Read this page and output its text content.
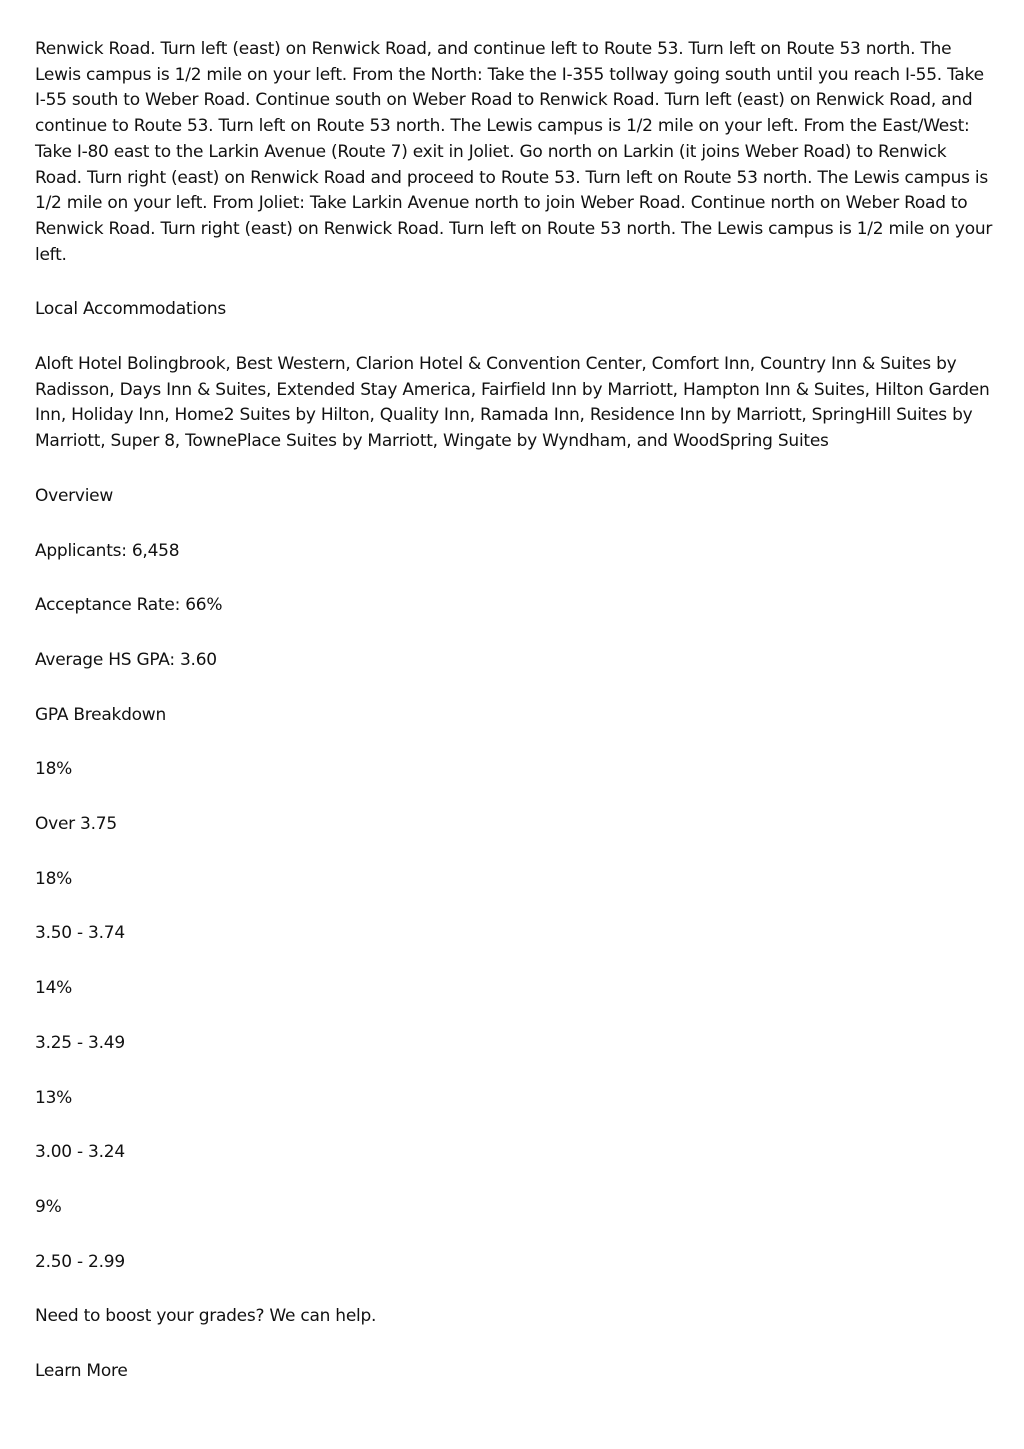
Renwick Road. Turn left (east) on Renwick Road, and continue left to Route 53. Turn left on Route 53 north. The Lewis campus is 1/2 mile on your left. From the North: Take the I-355 tollway going south until you reach I-55. Take I-55 south to Weber Road. Continue south on Weber Road to Renwick Road. Turn left (east) on Renwick Road, and continue to Route 53. Turn left on Route 53 north. The Lewis campus is 1/2 mile on your left. From the East/West: Take I-80 east to the Larkin Avenue (Route 7) exit in Joliet. Go north on Larkin (it joins Weber Road) to Renwick Road. Turn right (east) on Renwick Road and proceed to Route 53. Turn left on Route 53 north. The Lewis campus is 1/2 mile on your left. From Joliet: Take Larkin Avenue north to join Weber Road. Continue north on Weber Road to Renwick Road. Turn right (east) on Renwick Road. Turn left on Route 53 north. The Lewis campus is 1/2 mile on your left.

Local Accommodations

Aloft Hotel Bolingbrook, Best Western, Clarion Hotel & Convention Center, Comfort Inn, Country Inn & Suites by Radisson, Days Inn & Suites, Extended Stay America, Fairfield Inn by Marriott, Hampton Inn & Suites, Hilton Garden Inn, Holiday Inn, Home2 Suites by Hilton, Quality Inn, Ramada Inn, Residence Inn by Marriott, SpringHill Suites by Marriott, Super 8, TownePlace Suites by Marriott, Wingate by Wyndham, and WoodSpring Suites

Overview

Applicants: 6,458

Acceptance Rate: 66%

Average HS GPA: 3.60

GPA Breakdown

18%

Over 3.75

18%

3.50 - 3.74

14%

3.25 - 3.49

13%

3.00 - 3.24

9%

2.50 - 2.99

Need to boost your grades? We can help.

Learn More
